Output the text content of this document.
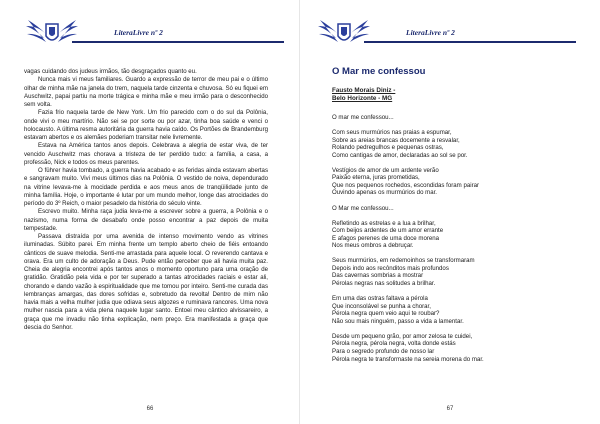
LiteraLivre nº 2

vagas cuidando dos judeus irmãos, tão desgraçados quanto eu.

Nunca mais vi meus familiares. Guardo a expressão de terror de meu pai e o último olhar de minha mãe na janela do trem, naquela tarde cinzenta e chuvosa. Só eu fiquei em Auschwitz, papai partiu na morte trágica e minha mãe e meu irmão para o desconhecido sem volta.

Fazia frio naquela tarde de New York. Um frio parecido com o do sul da Polônia, onde vivi o meu martírio. Não sei se por sorte ou por azar, tinha boa saúde e venci o holocausto. A última resma autoritária da guerra havia caído. Os Portões de Brandemburg estavam abertos e os alemães poderiam transitar nele livremente.

Estava na América tantos anos depois. Celebrava a alegria de estar viva, de ter vencido Auschwitz mas chorava a tristeza de ter perdido tudo: a família, a casa, a professão, Nick e todos os meus parentes.

O führer havia tombado, a guerra havia acabado e as feridas ainda estavam abertas e sangravam muito. Vivi meus últimos dias na Polônia. O vestido de noiva, dependurado na vitrine levava-me à mocidade perdida e aos meus anos de tranqüilidade junto de minha família. Hoje, o importante é lutar por um mundo melhor, longe das atrocidades do período do 3º Reich, o maior pesadelo da história do século vinte.

Escrevo muito. Minha raça judia leva-me a escrever sobre a guerra, a Polônia e o nazismo, numa forma de desabafo onde posso encontrar a paz depois de muita tempestade.

Passava distraída por uma avenida de intenso movimento vendo as vitrines iluminadas. Súbito parei. Em minha frente um templo aberto cheio de fiéis entoando cânticos de suave melodia. Senti-me arrastada para aquele local. O reverendo cantava e orava. Era um culto de adoração a Deus. Pude então perceber que ali havia muita paz. Cheia de alegria encontrei após tantos anos o momento oportuno para uma oração de gratidão. Gratidão pela vida e por ter superado a tantas atrocidades raciais e estar ali, chorando e dando vazão à espiritualidade que me tomou por inteiro. Senti-me curada das lembranças amargas, das dores sofridas e, sobretudo da revolta! Dentro de mim não havia mais a velha mulher judia que odiava seus algozes e ruminava rancores. Uma nova mulher nascia para a vida plena naquele lugar santo. Entoei meu cântico alvissareiro, a graça que me invadiu não tinha explicação, nem preço. Era manifestada a graça que descia do Senhor.

66
LiteraLivre nº 2
O Mar me confessou
Fausto Morais Diniz -
Belo Horizonte - MG
O mar me confessou...
Com seus murmúrios nas praias a espumar,
Sobre as areias brancas docemente a resvalar,
Rolando pedregulhos e pequenas ostras,
Como cantigas de amor, declaradas ao sol se por.
Vestígios de amor de um ardente verão
Paixão eterna, juras prometidas,
Que nos pequenos rochedos, escondidas foram pairar
Ouvindo apenas os murmúrios do mar.
O Mar me confessou...
Refletindo as estrelas e a lua a brilhar,
Com beijos ardentes de um amor errante
E afagos perenes de uma doce morena
Nos meus ombros a debruçar.
Seus murmúrios, em redemoinhos se transformaram
Depois indo aos recônditos mais profundos
Das cavernas sombrias a mostrar
Pérolas negras nas solitudes a brilhar.
Em uma das ostras faltava a pérola
Que inconsolável se punha a chorar,
Pérola negra quem veio aqui te roubar?
Não sou mais ninguém, passo a vida a lamentar.
Desde um pequeno grão, por amor zelosa te cuidei,
Pérola negra, pérola negra, volta donde estás
Para o segredo profundo de nosso lar
Pérola negra te transformaste na sereia morena do mar.
67
